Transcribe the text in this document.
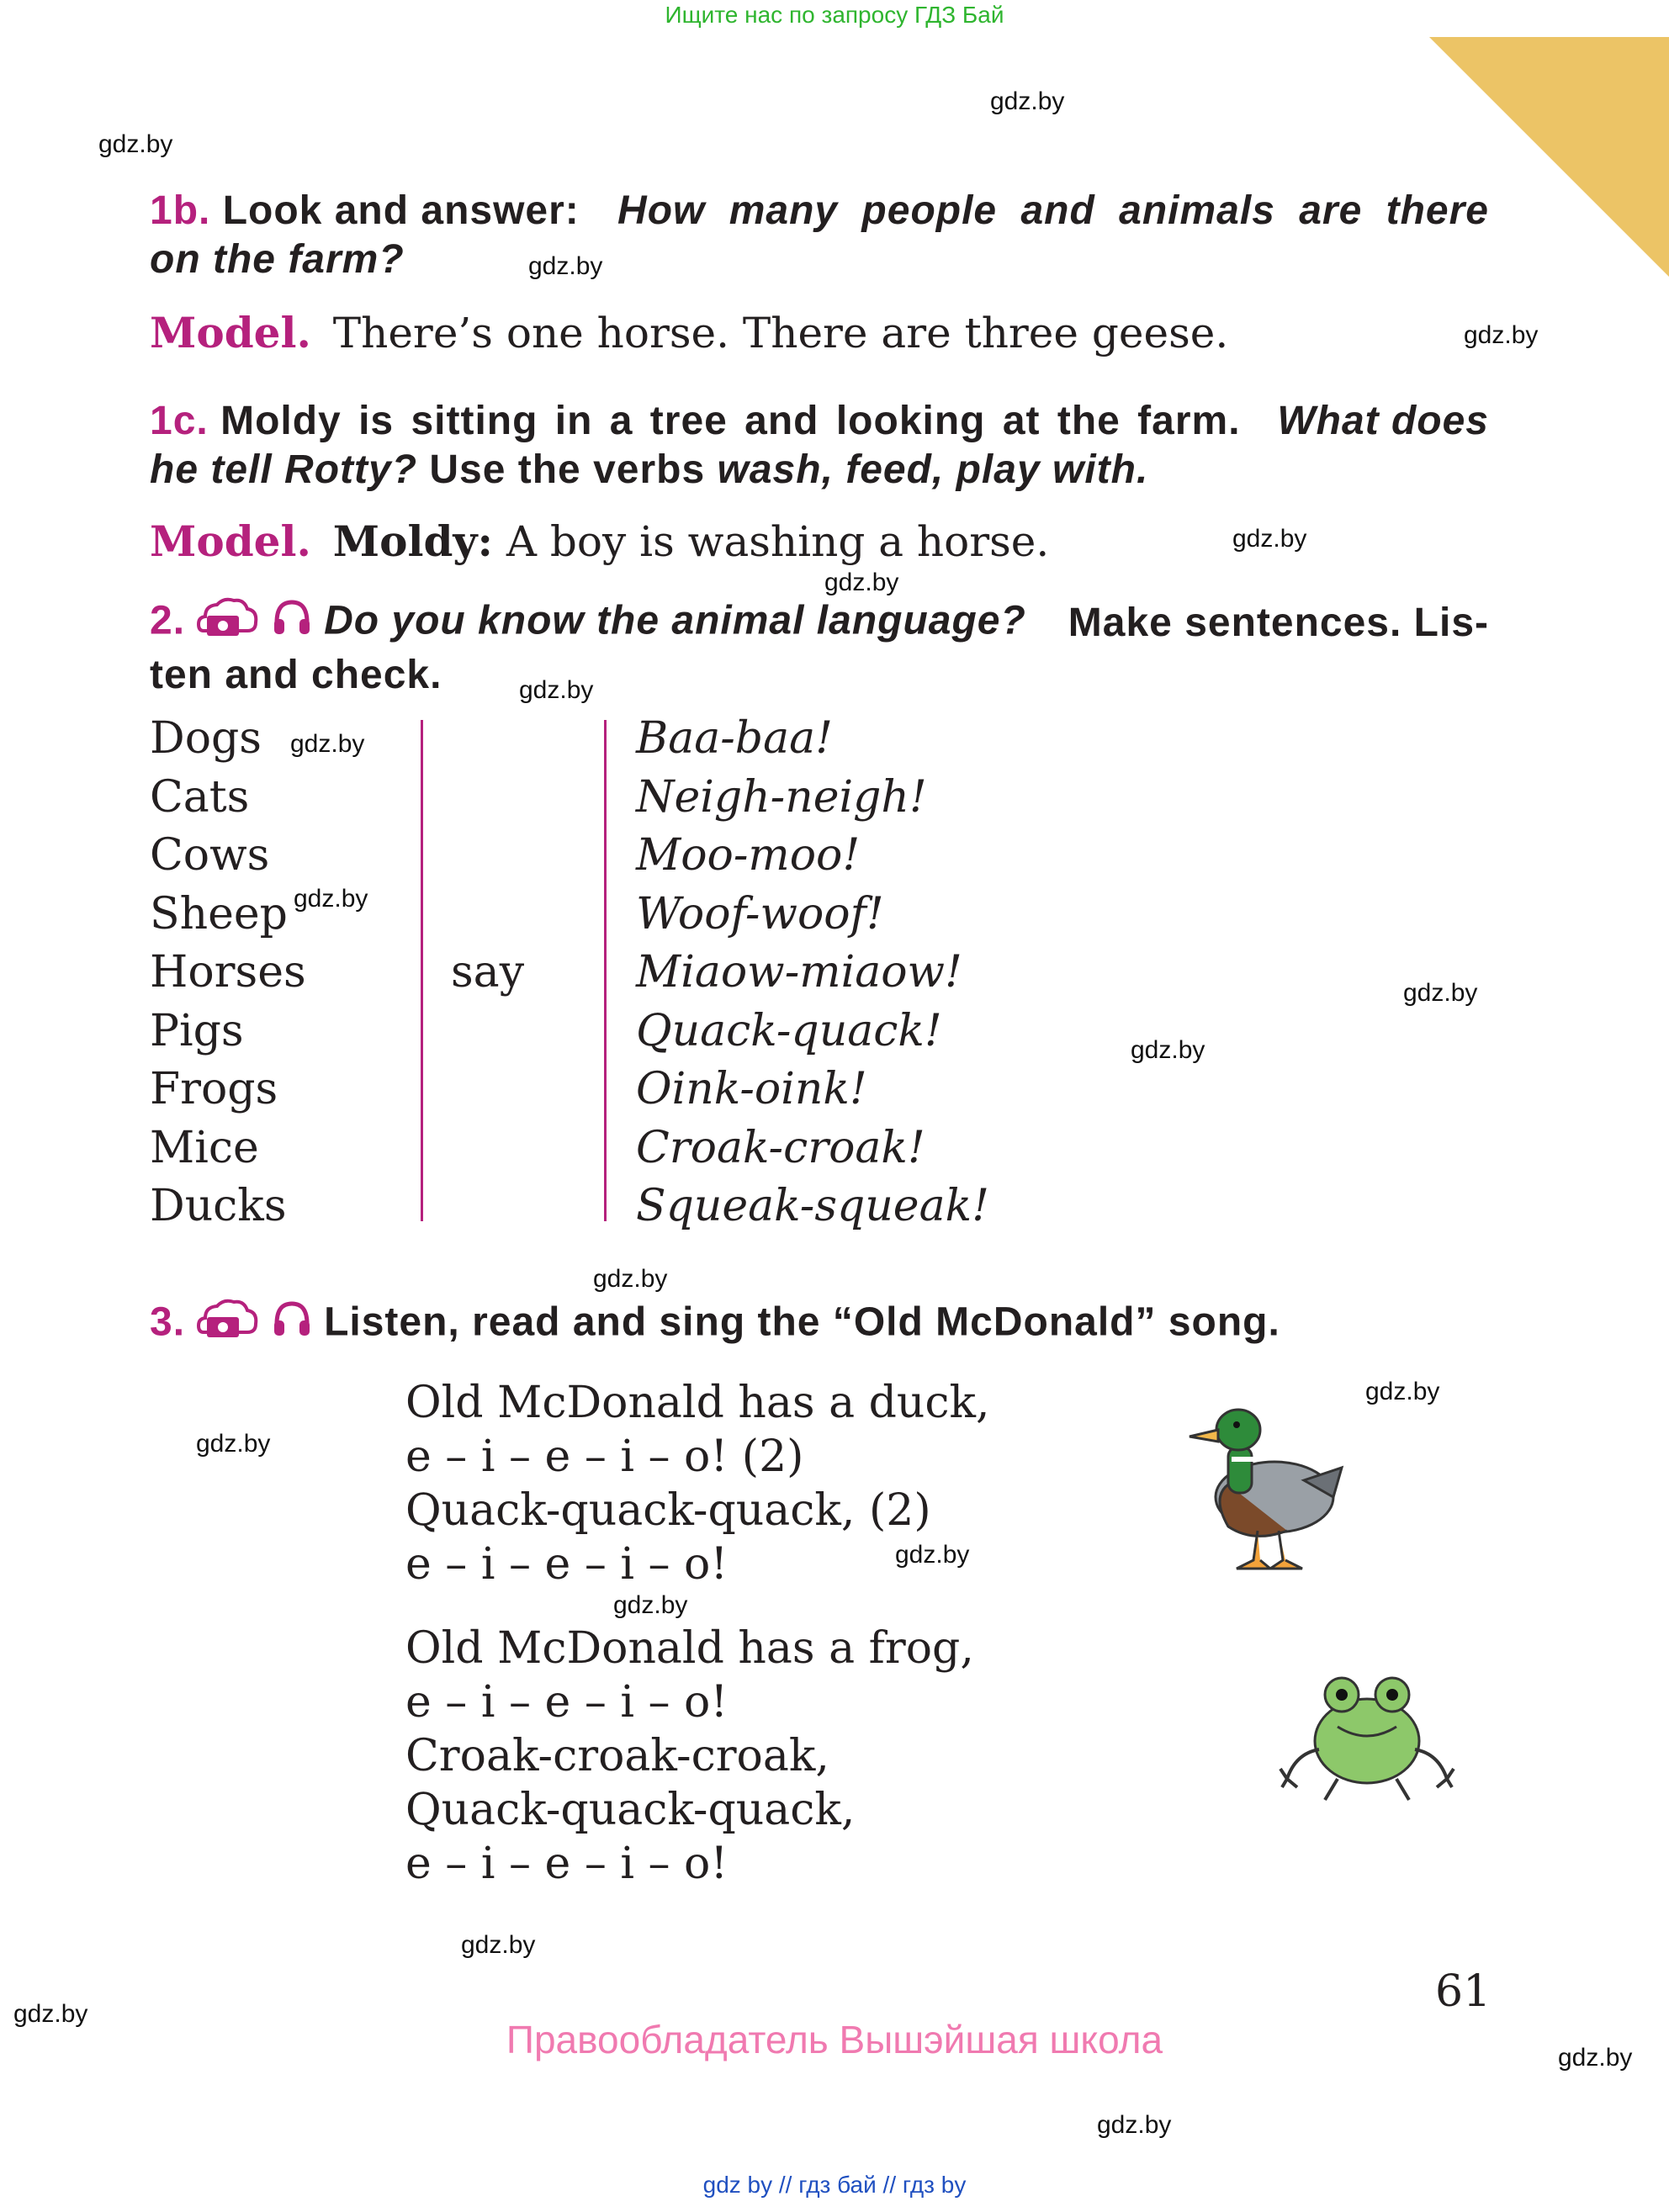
Ищите нас по запросу ГДЗ Бай
gdz.by
gdz.by
gdz.by
gdz.by
gdz.by
gdz.by
gdz.by
gdz.by
gdz.by
gdz.by
gdz.by
gdz.by
gdz.by
gdz.by
gdz.by
gdz.by
gdz.by
gdz.by
gdz.by
gdz.by
1b. Look and answer: How many people and animals are there
on the farm?
Model. There’s one horse. There are three geese.
1c. Moldy is sitting in a tree and looking at the farm. What does
he tell Rotty? Use the verbs wash, feed, play with.
Model. Moldy: A boy is washing a horse.
2.	Do you know the animal language? Make sentences. Lis-
ten and check.
Dogs
Cats
Cows
Sheep
Horses
Pigs
Frogs
Mice
Ducks
say
Baa-baa!
Neigh-neigh!
Moo-moo!
Woof-woof!
Miaow-miaow!
Quack-quack!
Oink-oink!
Croak-croak!
Squeak-squeak!
3.	Listen, read and sing the “Old McDonald” song.
Old McDonald has a duck,
e – i – e – i – o! (2)
Quack-quack-quack, (2)
e – i – e – i – o!
Old McDonald has a frog,
e – i – e – i – o!
Croak-croak-croak,
Quack-quack-quack,
e – i – e – i – o!
61
Правообладатель Вышэйшая школа
gdz by // гдз бай // гдз by
